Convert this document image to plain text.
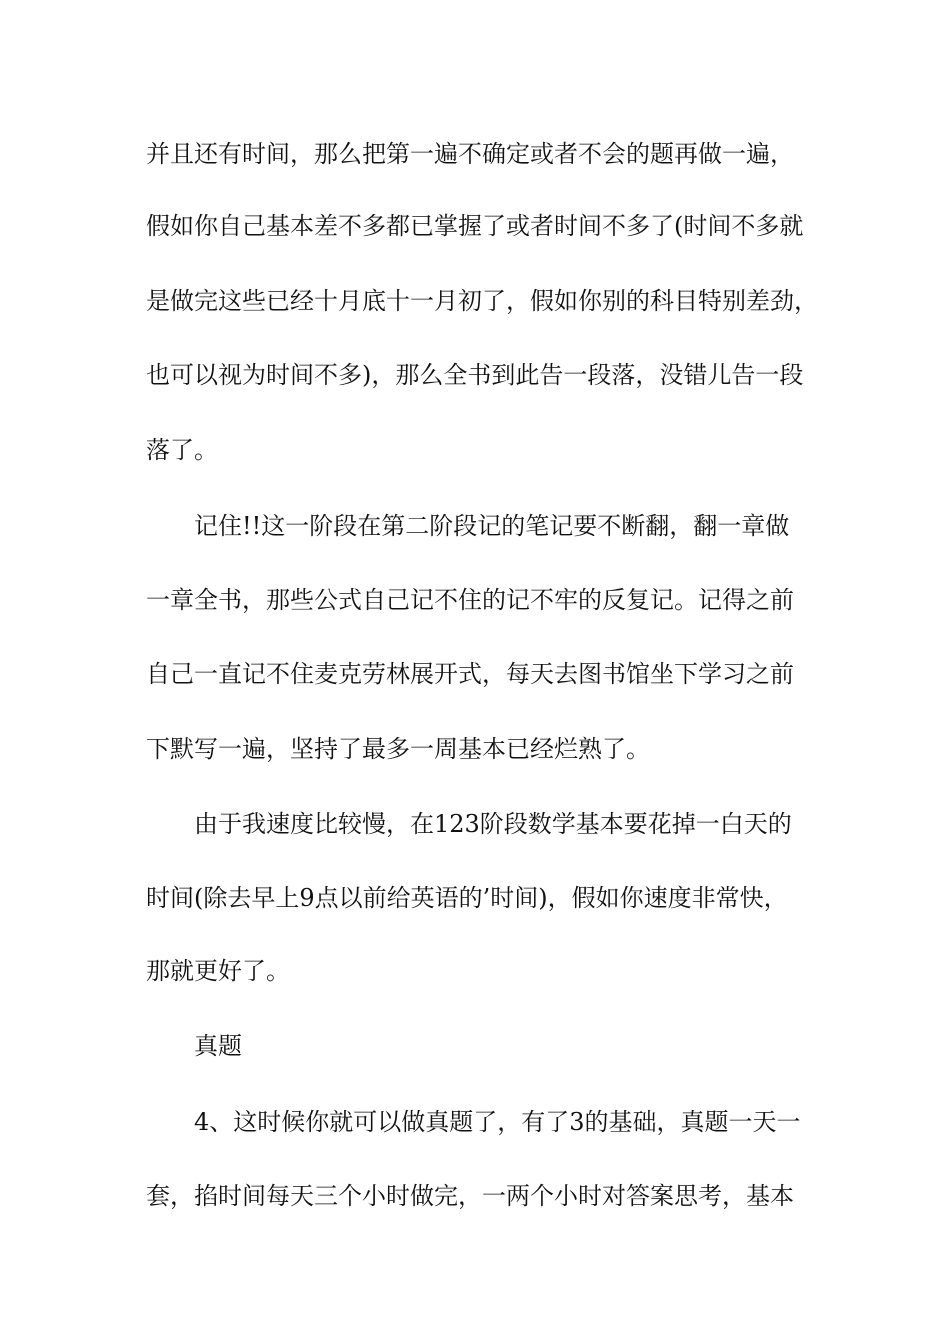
并且还有时间，那么把第一遍不确定或者不会的题再做一遍，
假如你自己基本差不多都已掌握了或者时间不多了(时间不多就
是做完这些已经十月底十一月初了，假如你别的科目特别差劲，
也可以视为时间不多)，那么全书到此告一段落，没错儿告一段
落了。
记住!!这一阶段在第二阶段记的笔记要不断翻，翻一章做
一章全书，那些公式自己记不住的记不牢的反复记。记得之前
自己一直记不住麦克劳林展开式，每天去图书馆坐下学习之前
下默写一遍，坚持了最多一周基本已经烂熟了。
由于我速度比较慢，在123阶段数学基本要花掉一白天的
时间(除去早上9点以前给英语的’时间)，假如你速度非常快，
那就更好了。
真题
4、这时候你就可以做真题了，有了3的基础，真题一天一
套，掐时间每天三个小时做完，一两个小时对答案思考，基本
